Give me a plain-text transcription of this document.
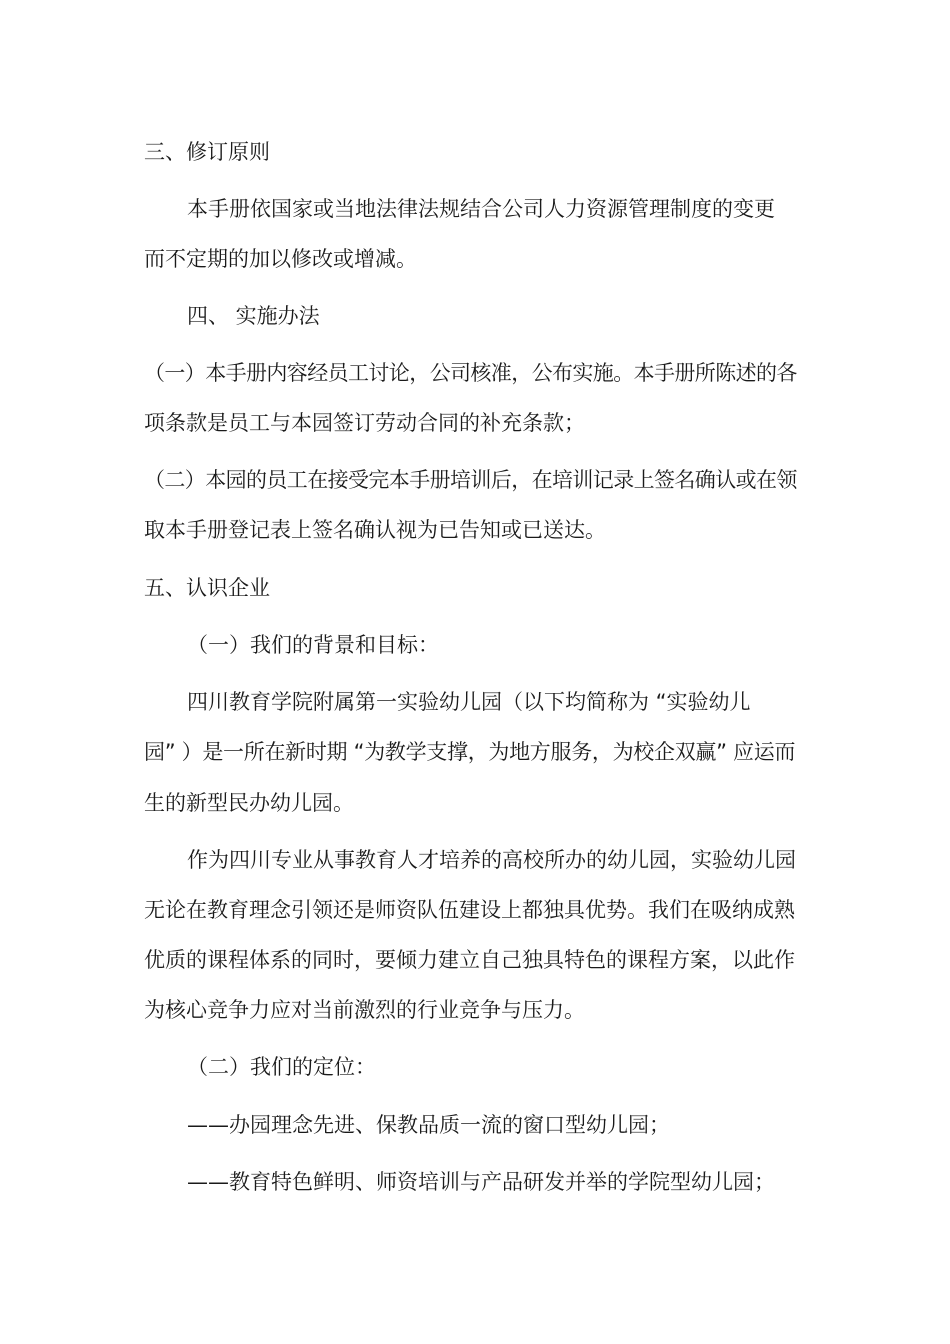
三、修订原则
本手册依国家或当地法律法规结合公司人力资源管理制度的变更
而不定期的加以修改或增减。
四、 实施办法
（一）本手册内容经员工讨论，公司核准，公布实施。本手册所陈述的各
项条款是员工与本园签订劳动合同的补充条款；
（二）本园的员工在接受完本手册培训后，在培训记录上签名确认或在领
取本手册登记表上签名确认视为已告知或已送达。
五、认识企业
（一）我们的背景和目标：
四川教育学院附属第一实验幼儿园（以下均简称为 “实验幼儿
园” ）是一所在新时期 “为教学支撑，为地方服务，为校企双赢” 应运而
生的新型民办幼儿园。
作为四川专业从事教育人才培养的高校所办的幼儿园，实验幼儿园
无论在教育理念引领还是师资队伍建设上都独具优势。我们在吸纳成熟
优质的课程体系的同时，要倾力建立自己独具特色的课程方案，以此作
为核心竞争力应对当前激烈的行业竞争与压力。
（二）我们的定位：
——办园理念先进、保教品质一流的窗口型幼儿园；
——教育特色鲜明、师资培训与产品研发并举的学院型幼儿园；
